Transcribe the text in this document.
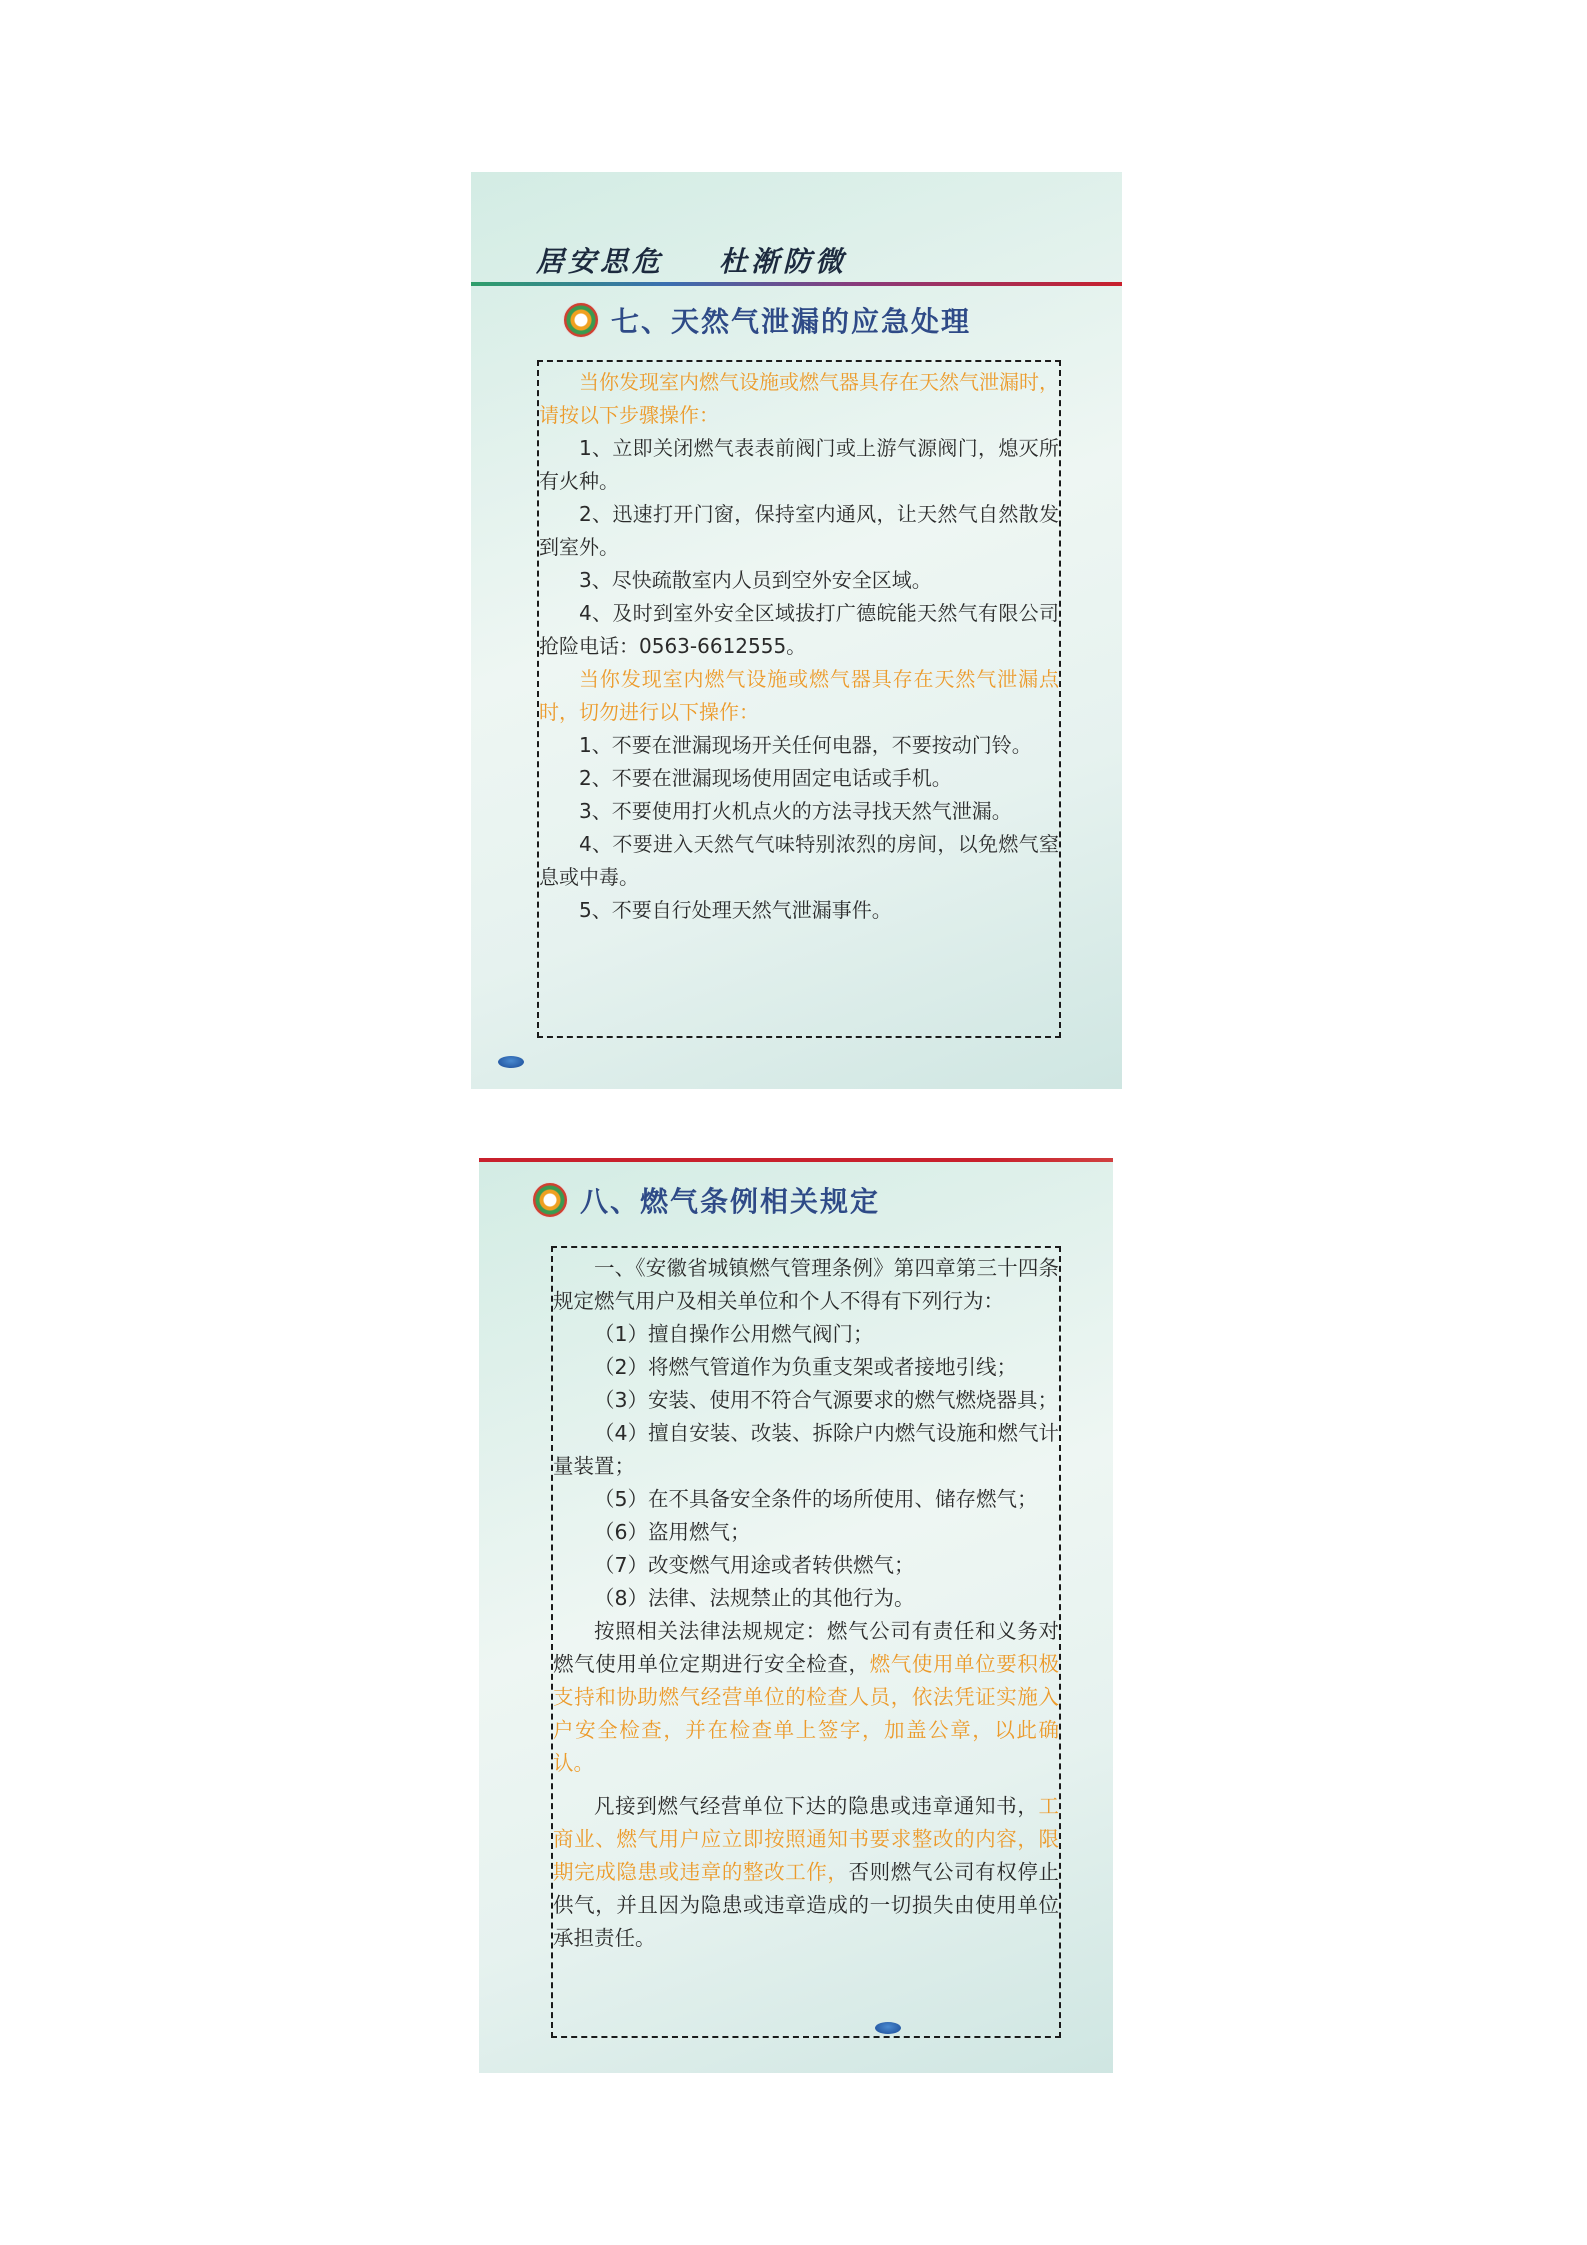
居安思危    杜渐防微
七、天然气泄漏的应急处理

当你发现室内燃气设施或燃气器具存在天然气泄漏时，请按以下步骤操作：

1、立即关闭燃气表表前阀门或上游气源阀门，熄灭所有火种。

2、迅速打开门窗，保持室内通风，让天然气自然散发到室外。

3、尽快疏散室内人员到空外安全区域。

4、及时到室外安全区域拔打广德皖能天然气有限公司抢险电话：0563-6612555。

当你发现室内燃气设施或燃气器具存在天然气泄漏点时，切勿进行以下操作：

1、不要在泄漏现场开关任何电器，不要按动门铃。

2、不要在泄漏现场使用固定电话或手机。

3、不要使用打火机点火的方法寻找天然气泄漏。

4、不要进入天然气气味特别浓烈的房间，以免燃气窒息或中毒。

5、不要自行处理天然气泄漏事件。

八、燃气条例相关规定

一、《安徽省城镇燃气管理条例》第四章第三十四条规定燃气用户及相关单位和个人不得有下列行为：

（1）擅自操作公用燃气阀门；

（2）将燃气管道作为负重支架或者接地引线；

（3）安装、使用不符合气源要求的燃气燃烧器具；

（4）擅自安装、改装、拆除户内燃气设施和燃气计量装置；

（5）在不具备安全条件的场所使用、储存燃气；

（6）盗用燃气；

（7）改变燃气用途或者转供燃气；

（8）法律、法规禁止的其他行为。

按照相关法律法规规定：燃气公司有责任和义务对燃气使用单位定期进行安全检查，燃气使用单位要积极支持和协助燃气经营单位的检查人员，依法凭证实施入户安全检查，并在检查单上签字，加盖公章，以此确认。

凡接到燃气经营单位下达的隐患或违章通知书，工商业、燃气用户应立即按照通知书要求整改的内容，限期完成隐患或违章的整改工作，否则燃气公司有权停止供气，并且因为隐患或违章造成的一切损失由使用单位承担责任。
